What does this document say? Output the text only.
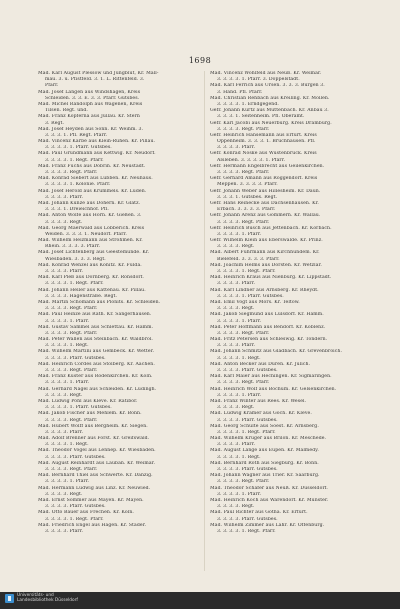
1698
Mad. Karl August Plessow und Jungblut, Kr. Mall-
mau. 3. u. Pfistfeld. 3. 1. L. Rittenfeld. 3.
Pfarr.
Mad. Josef Langen aus Windshagen, Kreis
Schleiden. 3. 3. E. 3. 3. Pfarr. Gutsbes.
Mad. Michel Randolph aus Wagenen, Kreis
Tilsen. Regt. und.
Mad. Franz Kopferna aus Jullau. Kr. Stern
3. Regt.
Mad. Josef Heyden aus Sonn. Kr. Weihm. 3.
3. 3. 3. 1. Pfl. Regt. Pfarr.
Mad. Vincenz Karbe aus Klein-Rühen. Kr. Pillau.
3. 3. 3. 3. 1. Pfarr. Gutsbes.
Mad. Paul Grundmann aus Kettwig. Kr. Neudorf.
3. 3. 3. 3. 1. Regt. Pfarr.
Mad. Franz Fuchs aus Dobrin. Kr. Neustadt.
3. 3. 3. 3. Regt. Pfarr.
Mad. Konrad Siebert aus Lübben. Kr. Neuhaus.
3. 3. 3. 3. 1. Kolonie. Pfarr.
Mad. Josef Herold aus Krummels. Kr. Luden.
3. 3. 3. 3. Pfarr.
Mad. Johann Kunze aus Döhern. Kr. Glatz.
3. 3. 3. 1. Dreieichhof. Pfl.
Mad. Anton Wolfe aus Horn. Kr. Gießen. 3.
3. 3. 3. 3. Regt.
Mad. Georg Maerwald aus Lobberich. Kreis
Weiden. 3. 3. 3. 1. Neudorf. Pfarr.
Mad. Wilhelm Heizmann aus Strohmen. Kr.
Rhein. 3. 3. 3. 3. Pfarr.
Mad. Josef Lichtenberg aus Geestemünde. Kr.
Wiesbaden. 3. 3. 3. Regt.
Mad. Konrad Wenzel aus Konitz. Kr. Fulda.
3. 3. 3. 3. Pfarr.
Mad. Karl Pleß aus Dörnberg. Kr. Ronsdorf.
3. 3. 3. 3. 1. Regt. Pfarr.
Mad. Johann Heller aus Kattenau. Kr. Pillau.
3. 3. 3. 3. Hagenstraße. Regt.
Mad. Martin Schömann aus Plonits. Kr. Schleiden.
3. 3. 3. 3. Regt. Pfarr.
Mad. Paul Heinze aus Rath. Kr. Sangerhausen.
3. 3. 3. 3. 1. Pfarr.
Mad. Gustav Sammel aus Schlettau. Kr. Hamm.
3. 3. 3. 3. Regt. Pfarr.
Mad. Peter Wallen aus Steinbach. Kr. Waldbröl.
3. 3. 3. 3. 1. Regt.
Mad. Wilhelm Martini aus Gembeck. Kr. Wetter.
3. 3. 3. 3. Pfarr. Gutsbes.
Mad. Heinrich Cordes aus Stolberg. Kr. Aachen.
3. 3. 3. 3. Regt. Pfarr.
Mad. Franz Küster aus Rodenkirchen. Kr. Köln.
3. 3. 3. 3. 1. Pfarr.
Mad. Gerhard Nagel aus Schleiden. Kr. Lüdingh.
3. 3. 3. 3. Regt.
Mad. Ludwig Pohl aus Kleve. Kr. Ratibor.
3. 3. 3. 3. 1. Pfarr. Gutsbes.
Mad. Jakob Fischer aus Mehlem. Kr. Bonn.
3. 3. 3. 3. Regt. Pfarr.
Mad. Hubert Wolff aus Bergheim. Kr. Siegen.
3. 3. 3. 3. Pfarr.
Mad. Adolf Brenner aus Forst. Kr. Greifswald.
3. 3. 3. 3. 1. Regt.
Mad. Theodor Vogel aus Lennep. Kr. Wiesbaden.
3. 3. 3. 3. Pfarr. Gutsbes.
Mad. August Reinhardt aus Lauban. Kr. Weimar.
3. 3. 3. 3. Regt. Pfarr.
Mad. Bernhard Thiel aus Schwerte. Kr. Danzig.
3. 3. 3. 3. 1. Pfarr.
Mad. Hermann Ludwig aus Linz. Kr. Neuwied.
3. 3. 3. 3. Regt.
Mad. Ernst Sommer aus Mayen. Kr. Mayen.
3. 3. 3. 3. Pfarr. Gutsbes.
Mad. Otto Bauer aus Frechen. Kr. Köln.
3. 3. 3. 3. 1. Regt. Pfarr.
Mad. Friedrich Engel aus Hagen. Kr. Stader.
3. 3. 3. 3. Pfarr.
Mad. Vincenz Wohlfeld aus Neuß. Kr. Weimar.
3. 3. 3. 3. 1. Pfarr. 3. Doppelstadt.
Mad. Karl Ferrich aus Ursen. 3. 3. 3. Bürgen 3.
3. Hand. Pfl. Pfarr.
Mad. Christian Rehbach aus Kreiling. Kr. Möllen.
3. 3. 3. 3. 1. Erndgegend.
Gefr. Johann Kurtz aus Muttenbach. Kr. Anbau 3.
3. 3. 3. 1. Seitenheim. Pfl. Oberamt.
Gefr. Karl Jacobi aus Neuerburg. Kreis Dramburg.
3. 3. 3. 3. Regt. Pfarr.
Gefr. Heinrich Hansemann aus Erfurt. Kreis
Oppenheim. 3. 3. 3. 1. Bruchhausen. Pfl.
3. 3. 3. 3. Pfarr.
Gefr. Konrad Noske aus Wüstenbrück. Kreis
Alsleben. 3. 3. 3. 3. 1. Pfarr.
Gefr. Hermann Engelbrecht aus Geilenkirchen.
3. 3. 3. 3. Regt. Pfarr.
Gefr. Gerhard Amann aus Roggendorf. Kreis
Meppen. 3. 3. 3. 3. Pfarr.
Gefr. Johann Weber aus Hillesheim. Kr. Daun.
3. 3. 3. 1. Gutsbes. Regt.
Gefr. Hans Reinecke aus Dachsenhausen. Kr.
Erbach. 3. 3. 3. 3. Pfarr.
Gefr. Johann Arenz aus Gommern. Kr. Wallau.
3. 3. 3. 3. Regt. Pfarr.
Gefr. Heinrich Busch aus Jettenbach. Kr. Korbach.
3. 3. 3. 3. 1. Pfarr.
Gefr. Wilhelm Klein aus Eberswalde. Kr. Prinz.
3. 3. 3. 3. Regt.
Mad. Albert Fuhrmann aus Kirchhundem. Kr.
Bielefeld. 3. 3. 3. 3. Pfarr.
Mad. Joachim Helms aus Dorsten. Kr. Wetzlar.
3. 3. 3. 3. 1. Regt. Pfarr.
Mad. Heinrich Kraus aus Nienburg. Kr. Lippstadt.
3. 3. 3. 3. Pfarr.
Mad. Karl Lindner aus Arnsberg. Kr. Rheydt.
3. 3. 3. 3. 1. Pfarr. Gutsbes.
Mad. Emil Vogt aus Mörs. Kr. Teltow.
3. 3. 3. 3. Regt.
Mad. Jakob Siegmund aus Lülsdorf. Kr. Hamm.
3. 3. 3. 3. 1. Pfarr.
Mad. Peter Hoffmann aus Bendorf. Kr. Koblenz.
3. 3. 3. 3. Regt. Pfarr.
Mad. Fritz Petersen aus Schleswig. Kr. Tondern.
3. 3. 3. 3. Pfarr.
Mad. Johann Schmitz aus Gladbach. Kr. Grevenbroich.
3. 3. 3. 3. 1. Regt.
Mad. Anton Becker aus Düren. Kr. Jülich.
3. 3. 3. 3. Pfarr. Gutsbes.
Mad. Karl Maier aus Hechingen. Kr. Sigmaringen.
3. 3. 3. 3. Regt. Pfarr.
Mad. Heinrich Wolf aus Bochum. Kr. Gelsenkirchen.
3. 3. 3. 3. 1. Pfarr.
Mad. Franz Winter aus Rees. Kr. Wesel.
3. 3. 3. 3. Regt.
Mad. Ludwig Kramer aus Goch. Kr. Kleve.
3. 3. 3. 3. Pfarr. Gutsbes.
Mad. Georg Schulte aus Soest. Kr. Arnsberg.
3. 3. 3. 3. 1. Regt. Pfarr.
Mad. Wilhelm Krüger aus Brilon. Kr. Meschede.
3. 3. 3. 3. Pfarr.
Mad. August Lange aus Eupen. Kr. Malmedy.
3. 3. 3. 3. 1. Regt.
Mad. Bernhard Roth aus Siegburg. Kr. Bonn.
3. 3. 3. 3. Pfarr. Gutsbes.
Mad. Johann Wagner aus Trier. Kr. Saarburg.
3. 3. 3. 3. Regt. Pfarr.
Mad. Theodor Schäfer aus Neuß. Kr. Düsseldorf.
3. 3. 3. 3. 1. Pfarr.
Mad. Heinrich Koch aus Warendorf. Kr. Münster.
3. 3. 3. 3. Regt.
Mad. Paul Richter aus Gotha. Kr. Erfurt.
3. 3. 3. 3. Pfarr. Gutsbes.
Mad. Wilhelm Zimmer aus Lahr. Kr. Offenburg.
3. 3. 3. 3. 1. Regt. Pfarr.
Universitäts- und
Landesbibliothek Düsseldorf
